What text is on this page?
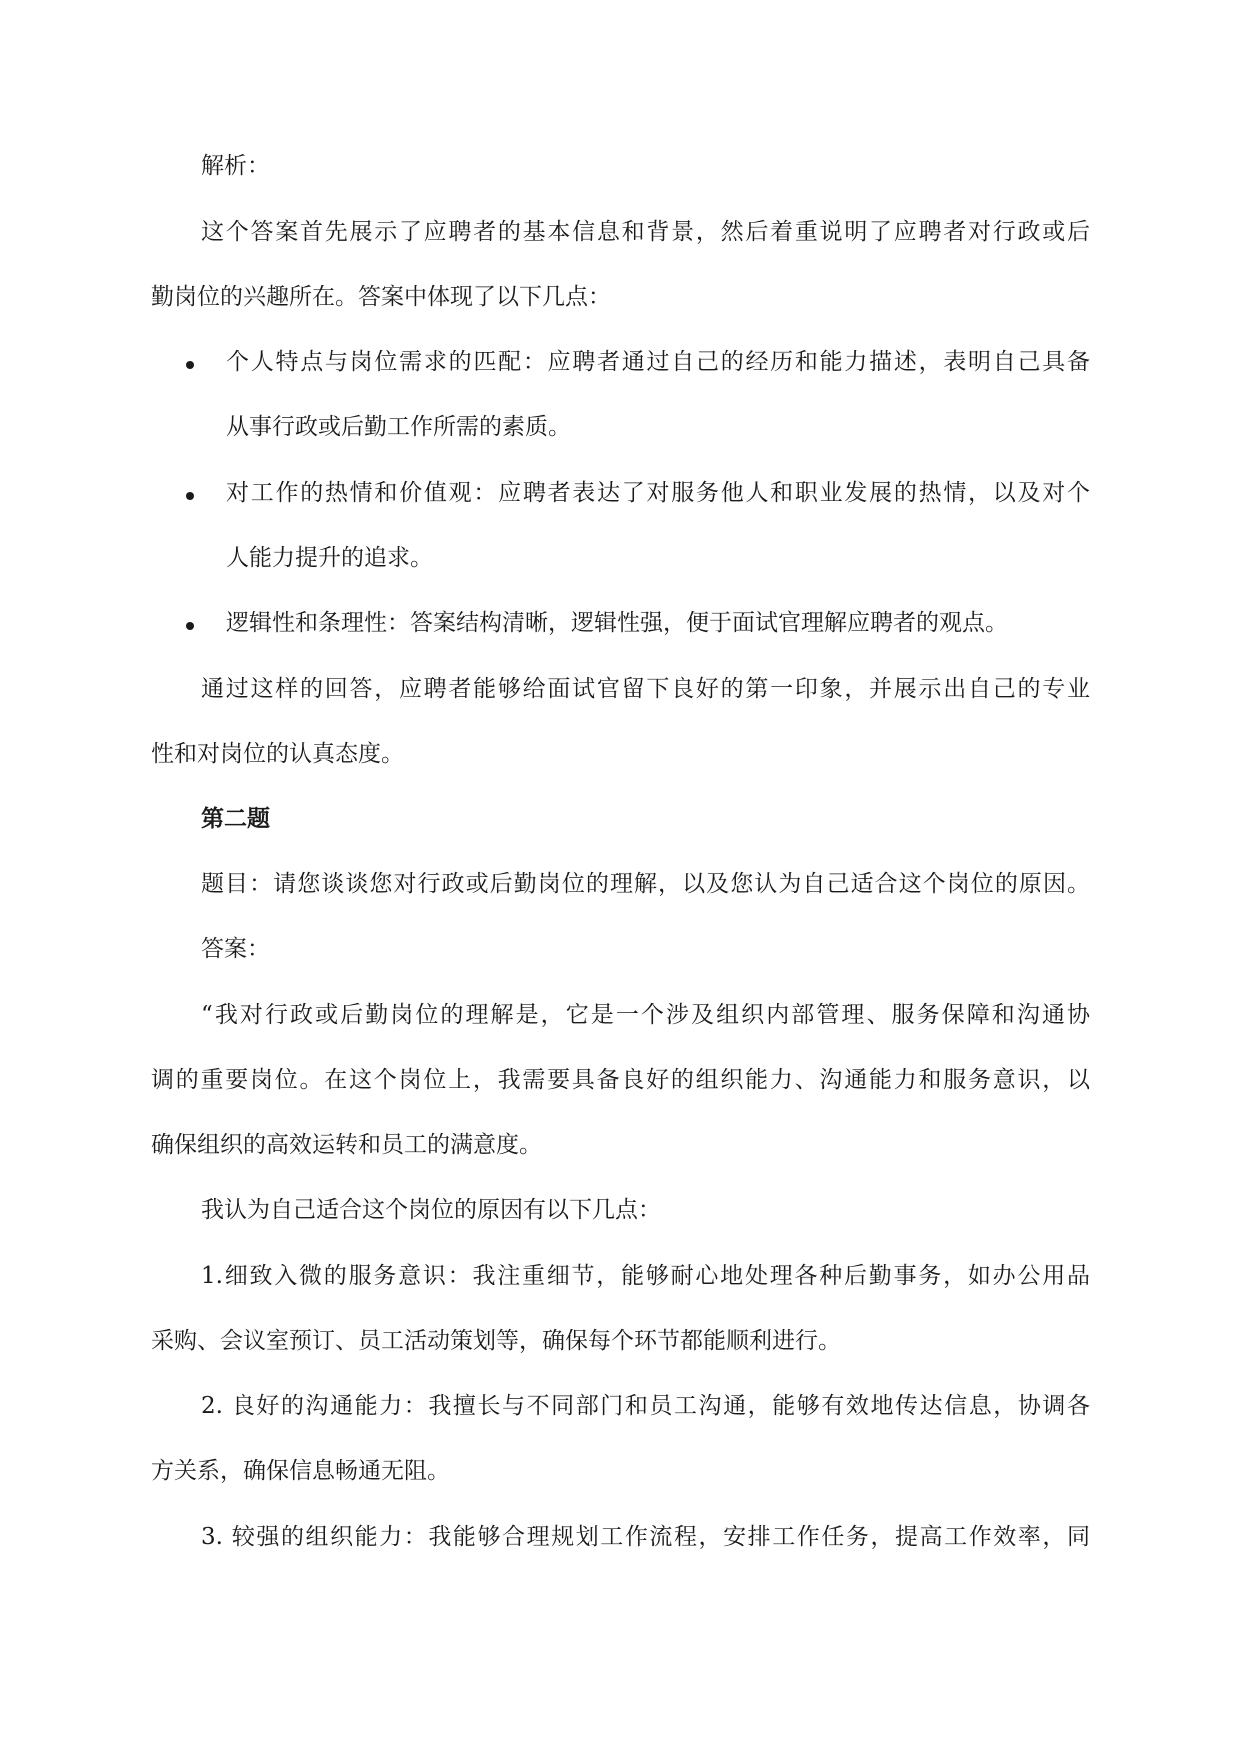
解析：
这个答案首先展示了应聘者的基本信息和背景，然后着重说明了应聘者对行政或后
勤岗位的兴趣所在。答案中体现了以下几点：
个人特点与岗位需求的匹配：应聘者通过自己的经历和能力描述，表明自己具备
从事行政或后勤工作所需的素质。
对工作的热情和价值观：应聘者表达了对服务他人和职业发展的热情，以及对个
人能力提升的追求。
逻辑性和条理性：答案结构清晰，逻辑性强，便于面试官理解应聘者的观点。
通过这样的回答，应聘者能够给面试官留下良好的第一印象，并展示出自己的专业
性和对岗位的认真态度。
第二题
题目：请您谈谈您对行政或后勤岗位的理解，以及您认为自己适合这个岗位的原因。
答案：
“我对行政或后勤岗位的理解是，它是一个涉及组织内部管理、服务保障和沟通协
调的重要岗位。在这个岗位上，我需要具备良好的组织能力、沟通能力和服务意识，以
确保组织的高效运转和员工的满意度。
我认为自己适合这个岗位的原因有以下几点：
1.细致入微的服务意识：我注重细节，能够耐心地处理各种后勤事务，如办公用品
采购、会议室预订、员工活动策划等，确保每个环节都能顺利进行。
2. 良好的沟通能力：我擅长与不同部门和员工沟通，能够有效地传达信息，协调各
方关系，确保信息畅通无阻。
3. 较强的组织能力：我能够合理规划工作流程，安排工作任务，提高工作效率，同
